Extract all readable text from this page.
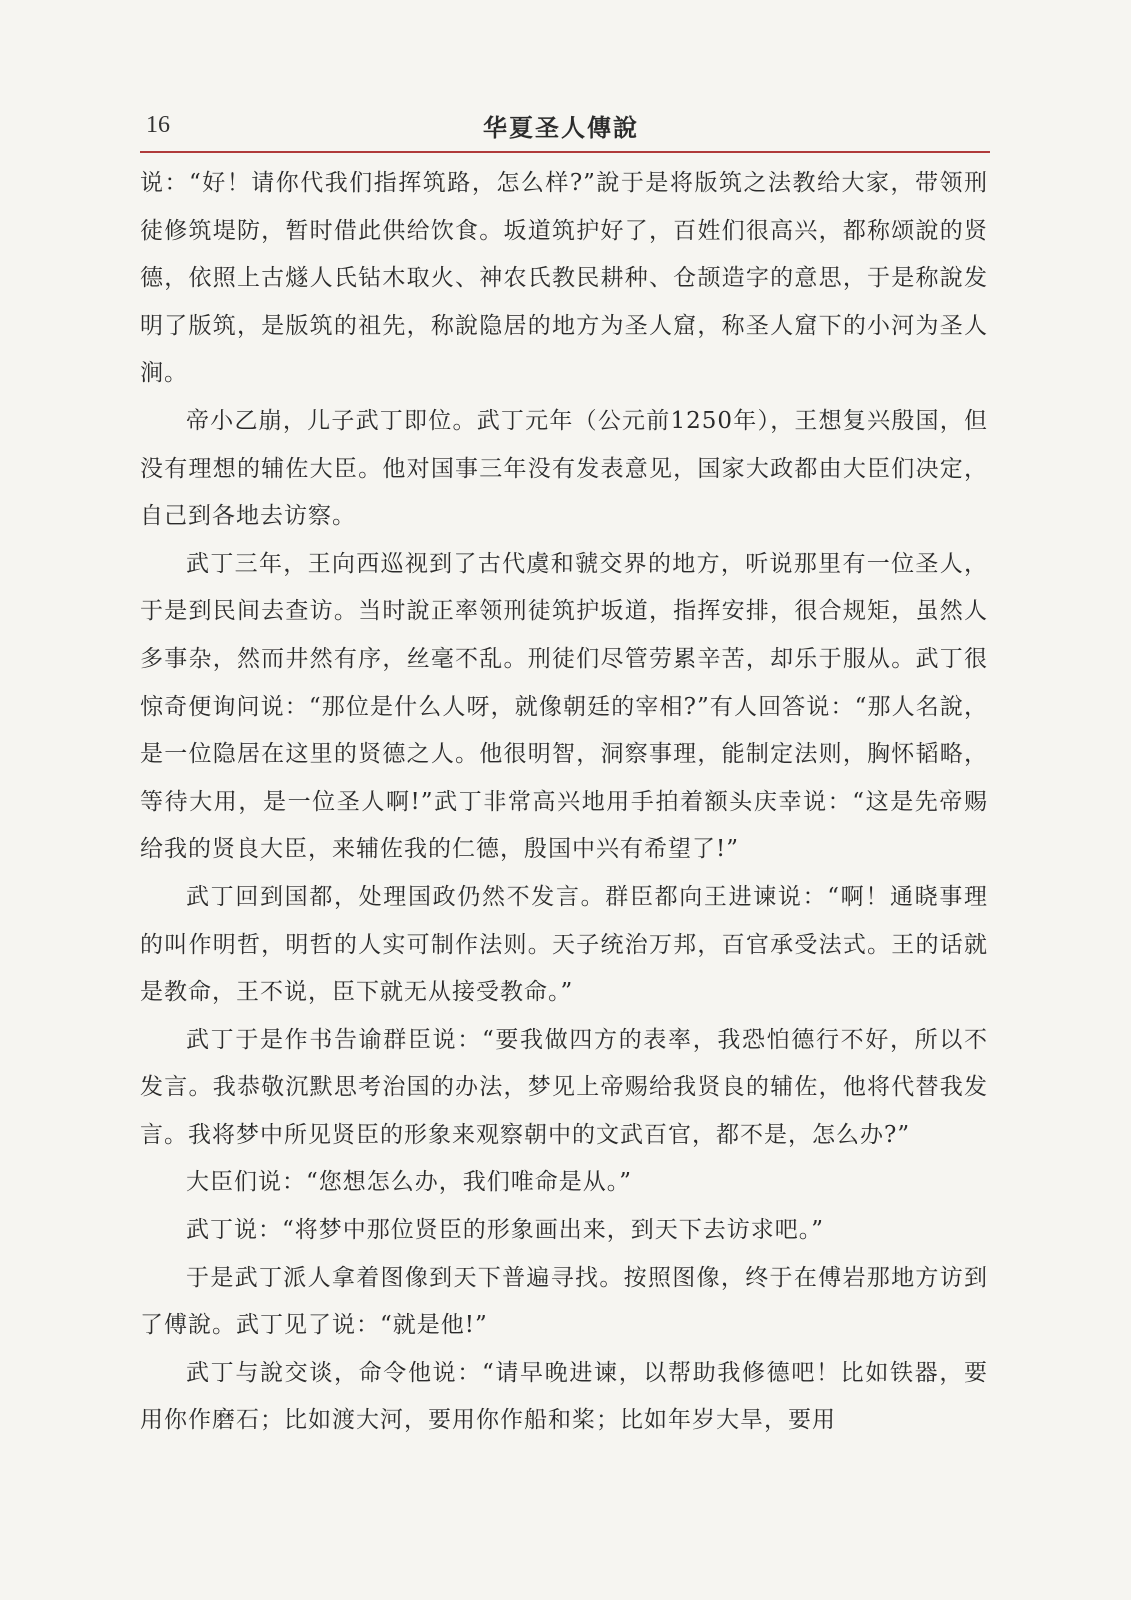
16	华夏圣人傳說

说：“好！请你代我们指挥筑路，怎么样?”說于是将版筑之法教给大家，带领刑徒修筑堤防，暂时借此供给饮食。坂道筑护好了，百姓们很高兴，都称颂說的贤德，依照上古燧人氏钻木取火、神农氏教民耕种、仓颉造字的意思，于是称說发明了版筑，是版筑的祖先，称說隐居的地方为圣人窟，称圣人窟下的小河为圣人涧。

帝小乙崩，儿子武丁即位。武丁元年（公元前1250年），王想复兴殷国，但没有理想的辅佐大臣。他对国事三年没有发表意见，国家大政都由大臣们决定，自己到各地去访察。

武丁三年，王向西巡视到了古代虞和虢交界的地方，听说那里有一位圣人，于是到民间去查访。当时說正率领刑徒筑护坂道，指挥安排，很合规矩，虽然人多事杂，然而井然有序，丝毫不乱。刑徒们尽管劳累辛苦，却乐于服从。武丁很惊奇便询问说：“那位是什么人呀，就像朝廷的宰相?”有人回答说：“那人名說，是一位隐居在这里的贤德之人。他很明智，洞察事理，能制定法则，胸怀韬略，等待大用，是一位圣人啊!”武丁非常高兴地用手拍着额头庆幸说：“这是先帝赐给我的贤良大臣，来辅佐我的仁德，殷国中兴有希望了!”

武丁回到国都，处理国政仍然不发言。群臣都向王进谏说：“啊！通晓事理的叫作明哲，明哲的人实可制作法则。天子统治万邦，百官承受法式。王的话就是教命，王不说，臣下就无从接受教命。”

武丁于是作书告谕群臣说：“要我做四方的表率，我恐怕德行不好，所以不发言。我恭敬沉默思考治国的办法，梦见上帝赐给我贤良的辅佐，他将代替我发言。我将梦中所见贤臣的形象来观察朝中的文武百官，都不是，怎么办?”

大臣们说：“您想怎么办，我们唯命是从。”

武丁说：“将梦中那位贤臣的形象画出来，到天下去访求吧。”

于是武丁派人拿着图像到天下普遍寻找。按照图像，终于在傅岩那地方访到了傅說。武丁见了说：“就是他!”

武丁与說交谈，命令他说：“请早晚进谏，以帮助我修德吧！比如铁器，要用你作磨石；比如渡大河，要用你作船和桨；比如年岁大旱，要用
